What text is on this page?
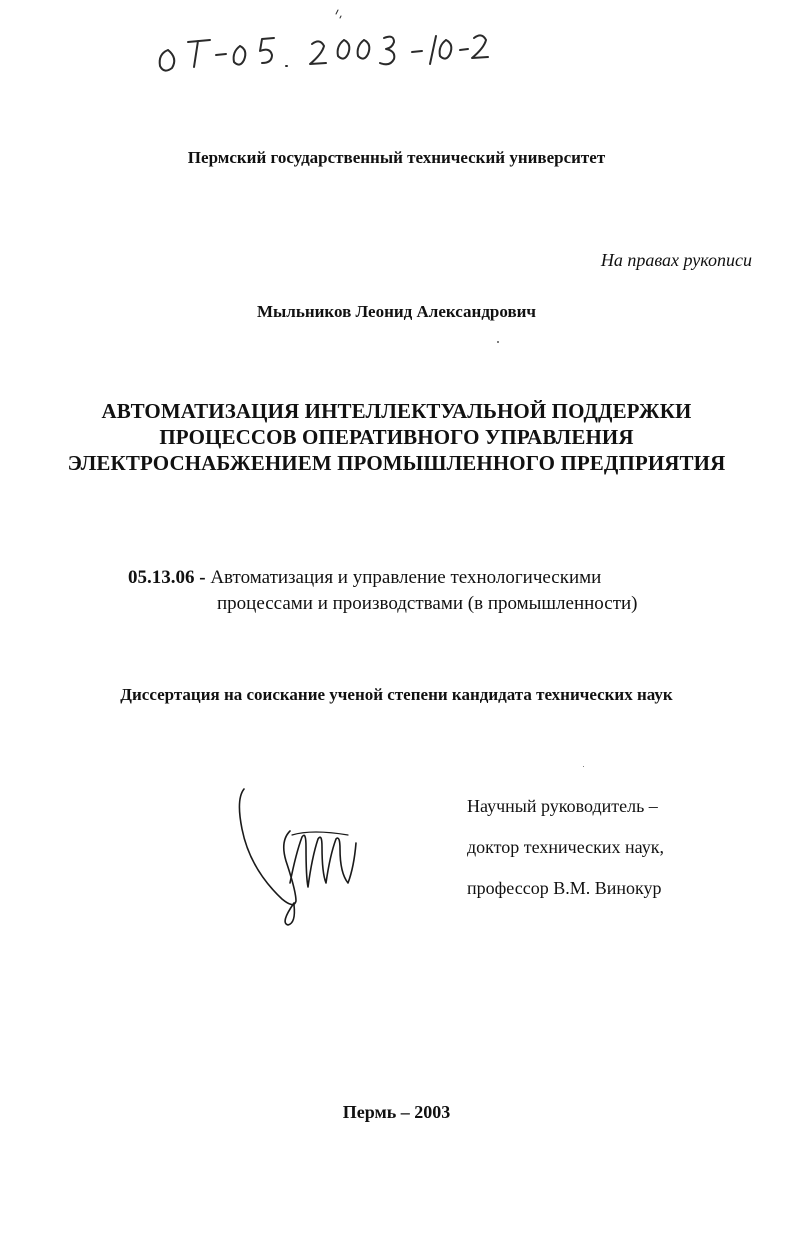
Пермский государственный технический университет
На правах рукописи
Мыльников Леонид Александрович
АВТОМАТИЗАЦИЯ ИНТЕЛЛЕКТУАЛЬНОЙ ПОДДЕРЖКИ
ПРОЦЕССОВ ОПЕРАТИВНОГО УПРАВЛЕНИЯ
ЭЛЕКТРОСНАБЖЕНИЕМ ПРОМЫШЛЕННОГО ПРЕДПРИЯТИЯ
05.13.06 - Автоматизация и управление технологическими
процессами и производствами (в промышленности)
Диссертация на соискание ученой степени кандидата технических наук
Научный руководитель –
доктор технических наук,
профессор В.М. Винокур
Пермь – 2003
